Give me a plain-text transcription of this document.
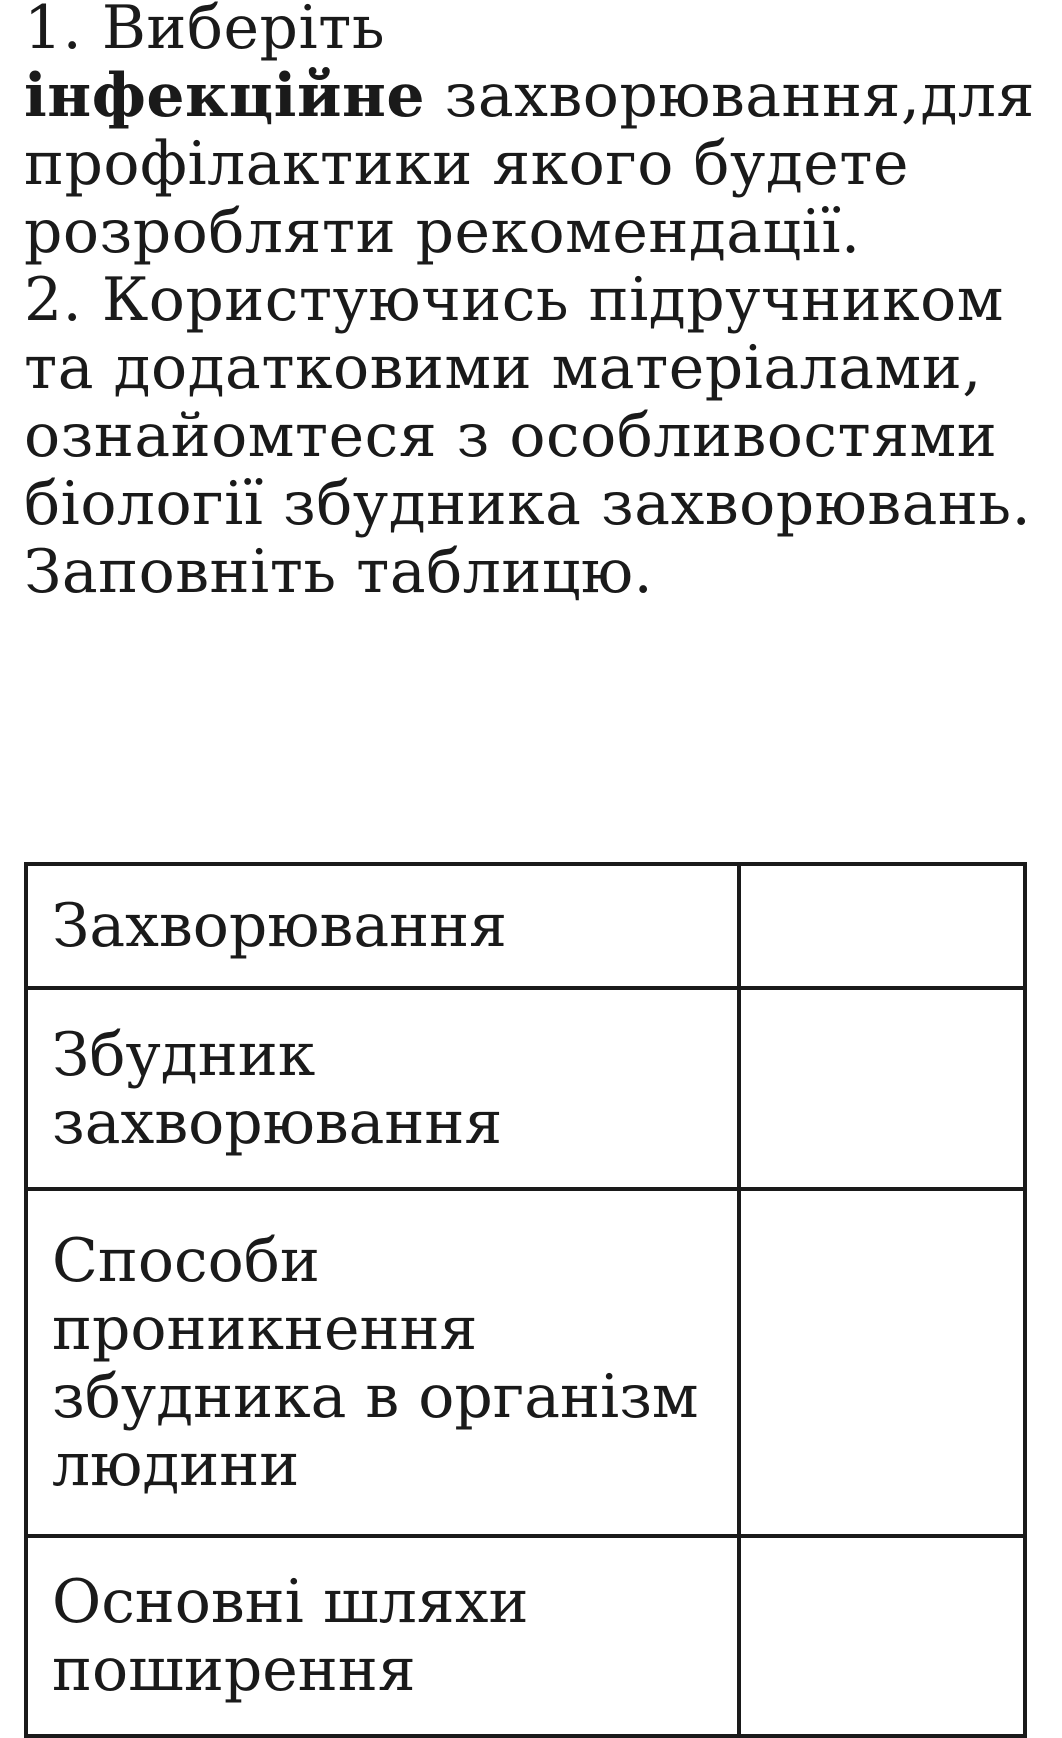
1. Виберіть
інфекційне захворювання,для профілактики якого будете розробляти рекомендації.

2. Користуючись підручником та додатковими матеріалами, ознайомтеся з особливостями біології збудника захворювань. Заповніть таблицю.

Захворювання	
Збудник захворювання	
Способи проникнення збудника в організм людини	
Основні шляхи поширення	
